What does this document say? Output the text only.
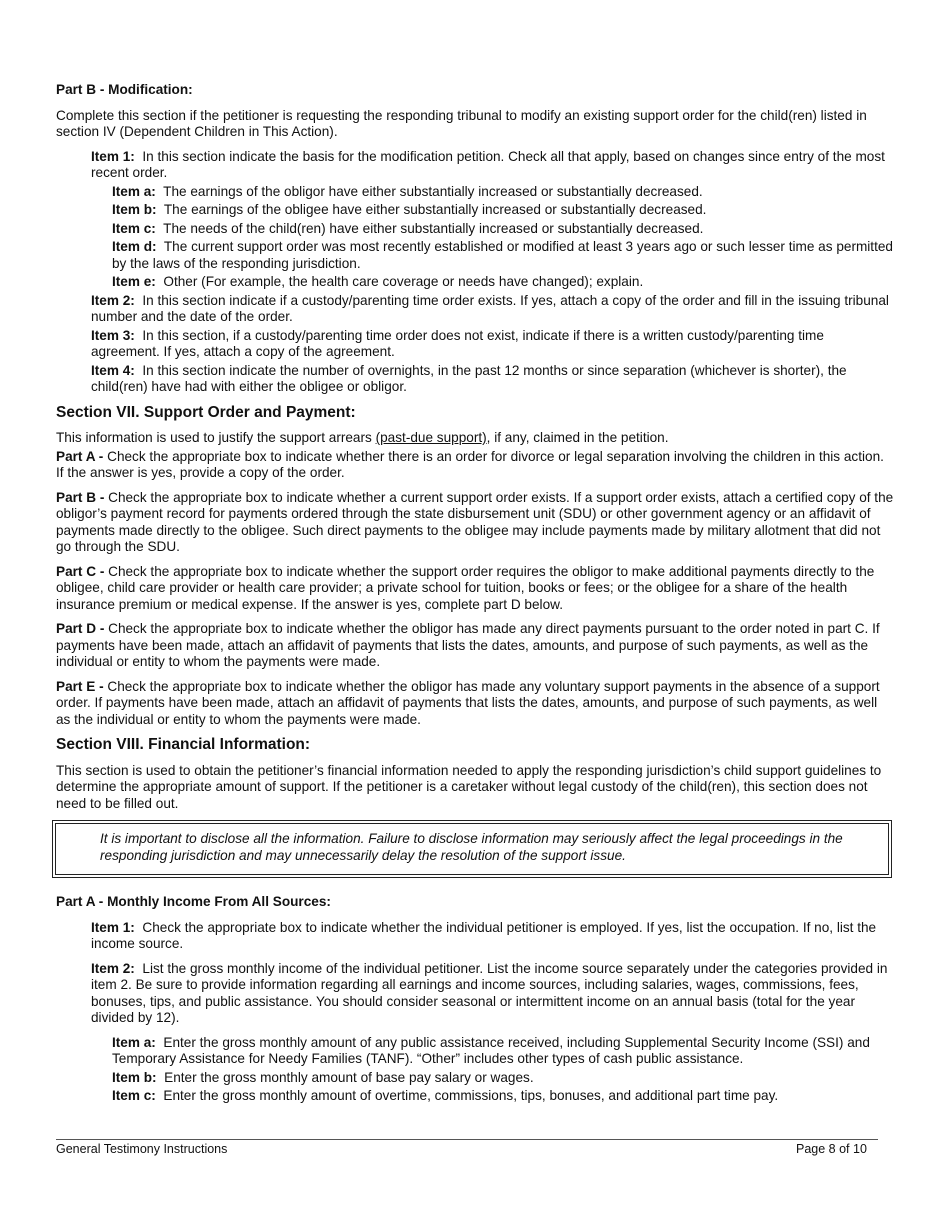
Part B - Modification:

Complete this section if the petitioner is requesting the responding tribunal to modify an existing support order for the child(ren) listed in section IV (Dependent Children in This Action).

Item 1: In this section indicate the basis for the modification petition. Check all that apply, based on changes since entry of the most recent order.

Item a: The earnings of the obligor have either substantially increased or substantially decreased.

Item b: The earnings of the obligee have either substantially increased or substantially decreased.

Item c: The needs of the child(ren) have either substantially increased or substantially decreased.

Item d: The current support order was most recently established or modified at least 3 years ago or such lesser time as permitted by the laws of the responding jurisdiction.

Item e: Other (For example, the health care coverage or needs have changed); explain.

Item 2: In this section indicate if a custody/parenting time order exists. If yes, attach a copy of the order and fill in the issuing tribunal number and the date of the order.

Item 3: In this section, if a custody/parenting time order does not exist, indicate if there is a written custody/parenting time agreement. If yes, attach a copy of the agreement.

Item 4: In this section indicate the number of overnights, in the past 12 months or since separation (whichever is shorter), the child(ren) have had with either the obligee or obligor.

Section VII. Support Order and Payment:

This information is used to justify the support arrears (past-due support), if any, claimed in the petition.

Part A - Check the appropriate box to indicate whether there is an order for divorce or legal separation involving the children in this action. If the answer is yes, provide a copy of the order.

Part B - Check the appropriate box to indicate whether a current support order exists. If a support order exists, attach a certified copy of the obligor’s payment record for payments ordered through the state disbursement unit (SDU) or other government agency or an affidavit of payments made directly to the obligee. Such direct payments to the obligee may include payments made by military allotment that did not go through the SDU.

Part C - Check the appropriate box to indicate whether the support order requires the obligor to make additional payments directly to the obligee, child care provider or health care provider; a private school for tuition, books or fees; or the obligee for a share of the health insurance premium or medical expense. If the answer is yes, complete part D below.

Part D - Check the appropriate box to indicate whether the obligor has made any direct payments pursuant to the order noted in part C. If payments have been made, attach an affidavit of payments that lists the dates, amounts, and purpose of such payments, as well as the individual or entity to whom the payments were made.

Part E - Check the appropriate box to indicate whether the obligor has made any voluntary support payments in the absence of a support order. If payments have been made, attach an affidavit of payments that lists the dates, amounts, and purpose of such payments, as well as the individual or entity to whom the payments were made.

Section VIII. Financial Information:

This section is used to obtain the petitioner’s financial information needed to apply the responding jurisdiction’s child support guidelines to determine the appropriate amount of support. If the petitioner is a caretaker without legal custody of the child(ren), this section does not need to be filled out.

It is important to disclose all the information. Failure to disclose information may seriously affect the legal proceedings in the responding jurisdiction and may unnecessarily delay the resolution of the support issue.

Part A - Monthly Income From All Sources:

Item 1: Check the appropriate box to indicate whether the individual petitioner is employed. If yes, list the occupation. If no, list the income source.

Item 2: List the gross monthly income of the individual petitioner. List the income source separately under the categories provided in item 2. Be sure to provide information regarding all earnings and income sources, including salaries, wages, commissions, fees, bonuses, tips, and public assistance. You should consider seasonal or intermittent income on an annual basis (total for the year divided by 12).

Item a: Enter the gross monthly amount of any public assistance received, including Supplemental Security Income (SSI) and Temporary Assistance for Needy Families (TANF). “Other” includes other types of cash public assistance.

Item b: Enter the gross monthly amount of base pay salary or wages.

Item c: Enter the gross monthly amount of overtime, commissions, tips, bonuses, and additional part time pay.

General Testimony Instructions	Page 8 of 10
